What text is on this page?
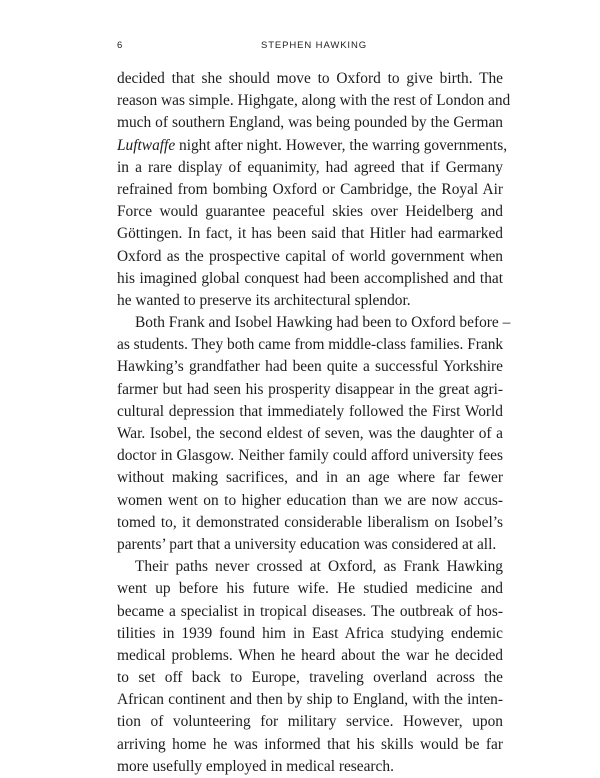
6	STEPHEN HAWKING
decided that she should move to Oxford to give birth. The
reason was simple. Highgate, along with the rest of London and
much of southern England, was being pounded by the German
Luftwaffe night after night. However, the warring governments,
in a rare display of equanimity, had agreed that if Germany
refrained from bombing Oxford or Cambridge, the Royal Air
Force would guarantee peaceful skies over Heidelberg and
Göttingen. In fact, it has been said that Hitler had earmarked
Oxford as the prospective capital of world government when
his imagined global conquest had been accomplished and that
he wanted to preserve its architectural splendor.
Both Frank and Isobel Hawking had been to Oxford before –
as students. They both came from middle-class families. Frank
Hawking’s grandfather had been quite a successful Yorkshire
farmer but had seen his prosperity disappear in the great agri-
cultural depression that immediately followed the First World
War. Isobel, the second eldest of seven, was the daughter of a
doctor in Glasgow. Neither family could afford university fees
without making sacrifices, and in an age where far fewer
women went on to higher education than we are now accus-
tomed to, it demonstrated considerable liberalism on Isobel’s
parents’ part that a university education was considered at all.
Their paths never crossed at Oxford, as Frank Hawking
went up before his future wife. He studied medicine and
became a specialist in tropical diseases. The outbreak of hos-
tilities in 1939 found him in East Africa studying endemic
medical problems. When he heard about the war he decided
to set off back to Europe, traveling overland across the
African continent and then by ship to England, with the inten-
tion of volunteering for military service. However, upon
arriving home he was informed that his skills would be far
more usefully employed in medical research.
